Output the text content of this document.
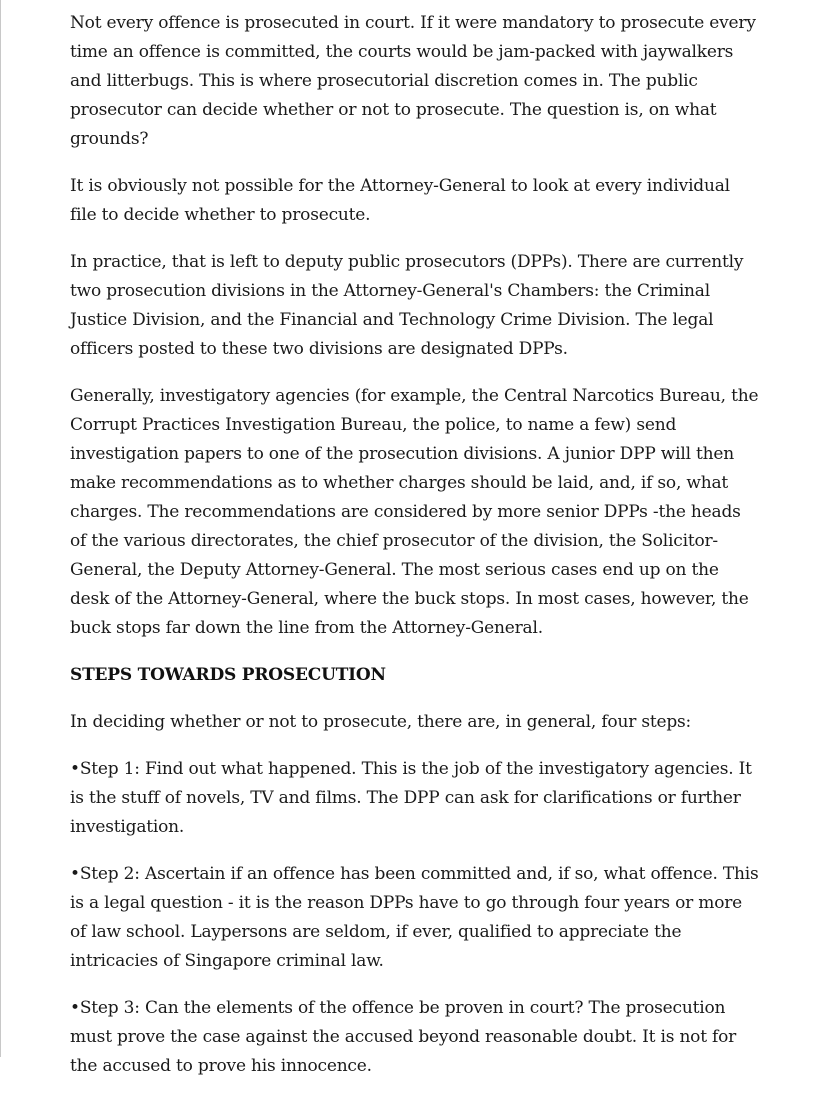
Not every offence is prosecuted in court. If it were mandatory to prosecute every time an offence is committed, the courts would be jam-packed with jaywalkers and litterbugs. This is where prosecutorial discretion comes in. The public prosecutor can decide whether or not to prosecute. The question is, on what grounds?

It is obviously not possible for the Attorney-General to look at every individual file to decide whether to prosecute.

In practice, that is left to deputy public prosecutors (DPPs). There are currently two prosecution divisions in the Attorney-General's Chambers: the Criminal Justice Division, and the Financial and Technology Crime Division. The legal officers posted to these two divisions are designated DPPs.

Generally, investigatory agencies (for example, the Central Narcotics Bureau, the Corrupt Practices Investigation Bureau, the police, to name a few) send investigation papers to one of the prosecution divisions. A junior DPP will then make recommendations as to whether charges should be laid, and, if so, what charges. The recommendations are considered by more senior DPPs -the heads of the various directorates, the chief prosecutor of the division, the Solicitor-General, the Deputy Attorney-General. The most serious cases end up on the desk of the Attorney-General, where the buck stops. In most cases, however, the buck stops far down the line from the Attorney-General.

STEPS TOWARDS PROSECUTION

In deciding whether or not to prosecute, there are, in general, four steps:

•Step 1: Find out what happened. This is the job of the investigatory agencies. It is the stuff of novels, TV and films. The DPP can ask for clarifications or further investigation.

•Step 2: Ascertain if an offence has been committed and, if so, what offence. This is a legal question - it is the reason DPPs have to go through four years or more of law school. Laypersons are seldom, if ever, qualified to appreciate the intricacies of Singapore criminal law.

•Step 3: Can the elements of the offence be proven in court? The prosecution must prove the case against the accused beyond reasonable doubt. It is not for the accused to prove his innocence.
